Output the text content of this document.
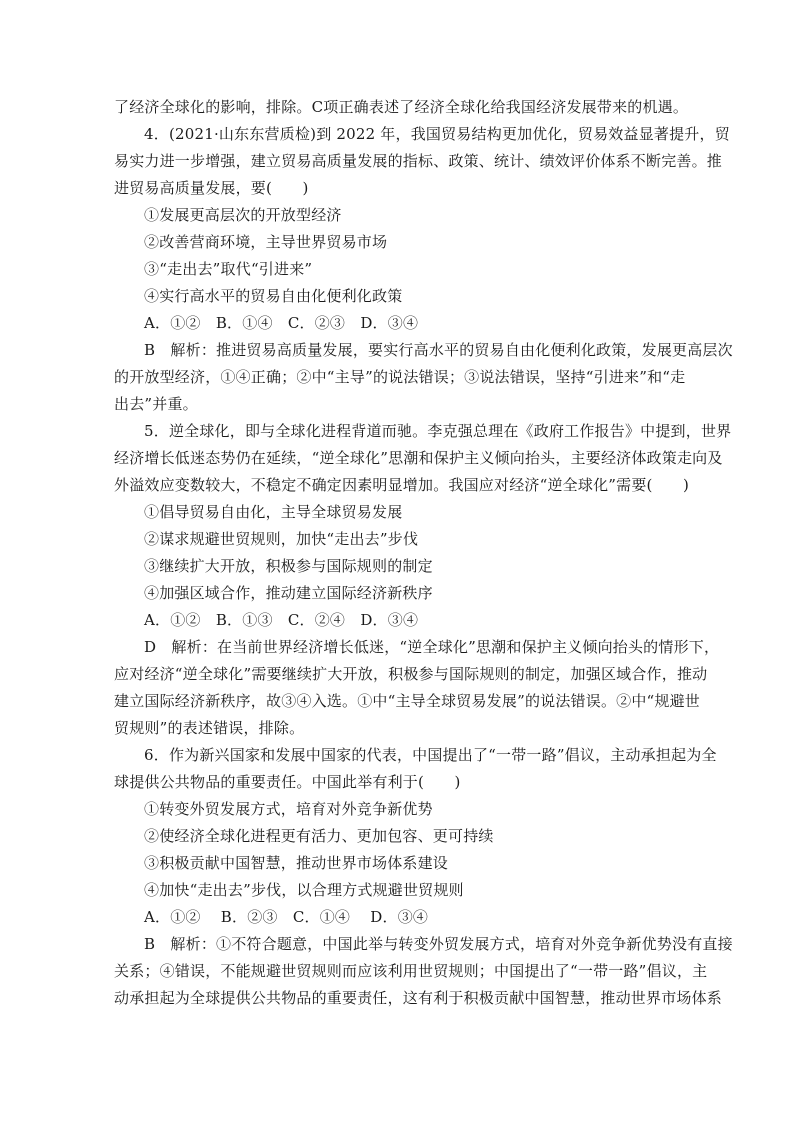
了经济全球化的影响，排除。C项正确表述了经济全球化给我国经济发展带来的机遇。
4．(2021·山东东营质检)到 2022 年，我国贸易结构更加优化，贸易效益显著提升，贸
易实力进一步增强，建立贸易高质量发展的指标、政策、统计、绩效评价体系不断完善。推
进贸易高质量发展，要(　　)
①发展更高层次的开放型经济
②改善营商环境，主导世界贸易市场
③“走出去”取代“引进来”
④实行高水平的贸易自由化便利化政策
A．①②　B．①④　C．②③　D．③④
B　解析：推进贸易高质量发展，要实行高水平的贸易自由化便利化政策，发展更高层次
的开放型经济，①④正确；②中“主导”的说法错误；③说法错误，坚持“引进来”和“走
出去”并重。
5．逆全球化，即与全球化进程背道而驰。李克强总理在《政府工作报告》中提到，世界
经济增长低迷态势仍在延续，“逆全球化”思潮和保护主义倾向抬头，主要经济体政策走向及
外溢效应变数较大，不稳定不确定因素明显增加。我国应对经济“逆全球化”需要(　　)
①倡导贸易自由化，主导全球贸易发展
②谋求规避世贸规则，加快“走出去”步伐
③继续扩大开放，积极参与国际规则的制定
④加强区域合作，推动建立国际经济新秩序
A．①②　B．①③　C．②④　D．③④
D　解析：在当前世界经济增长低迷，“逆全球化”思潮和保护主义倾向抬头的情形下，
应对经济“逆全球化”需要继续扩大开放，积极参与国际规则的制定，加强区域合作，推动
建立国际经济新秩序，故③④入选。①中“主导全球贸易发展”的说法错误。②中“规避世
贸规则”的表述错误，排除。
6．作为新兴国家和发展中国家的代表，中国提出了“一带一路”倡议，主动承担起为全
球提供公共物品的重要责任。中国此举有利于(　　)
①转变外贸发展方式，培育对外竞争新优势
②使经济全球化进程更有活力、更加包容、更可持续
③积极贡献中国智慧，推动世界市场体系建设
④加快“走出去”步伐，以合理方式规避世贸规则
A．①②　 B．②③　C．①④　 D．③④
B　解析：①不符合题意，中国此举与转变外贸发展方式，培育对外竞争新优势没有直接
关系；④错误，不能规避世贸规则而应该利用世贸规则；中国提出了“一带一路”倡议，主
动承担起为全球提供公共物品的重要责任，这有利于积极贡献中国智慧，推动世界市场体系
